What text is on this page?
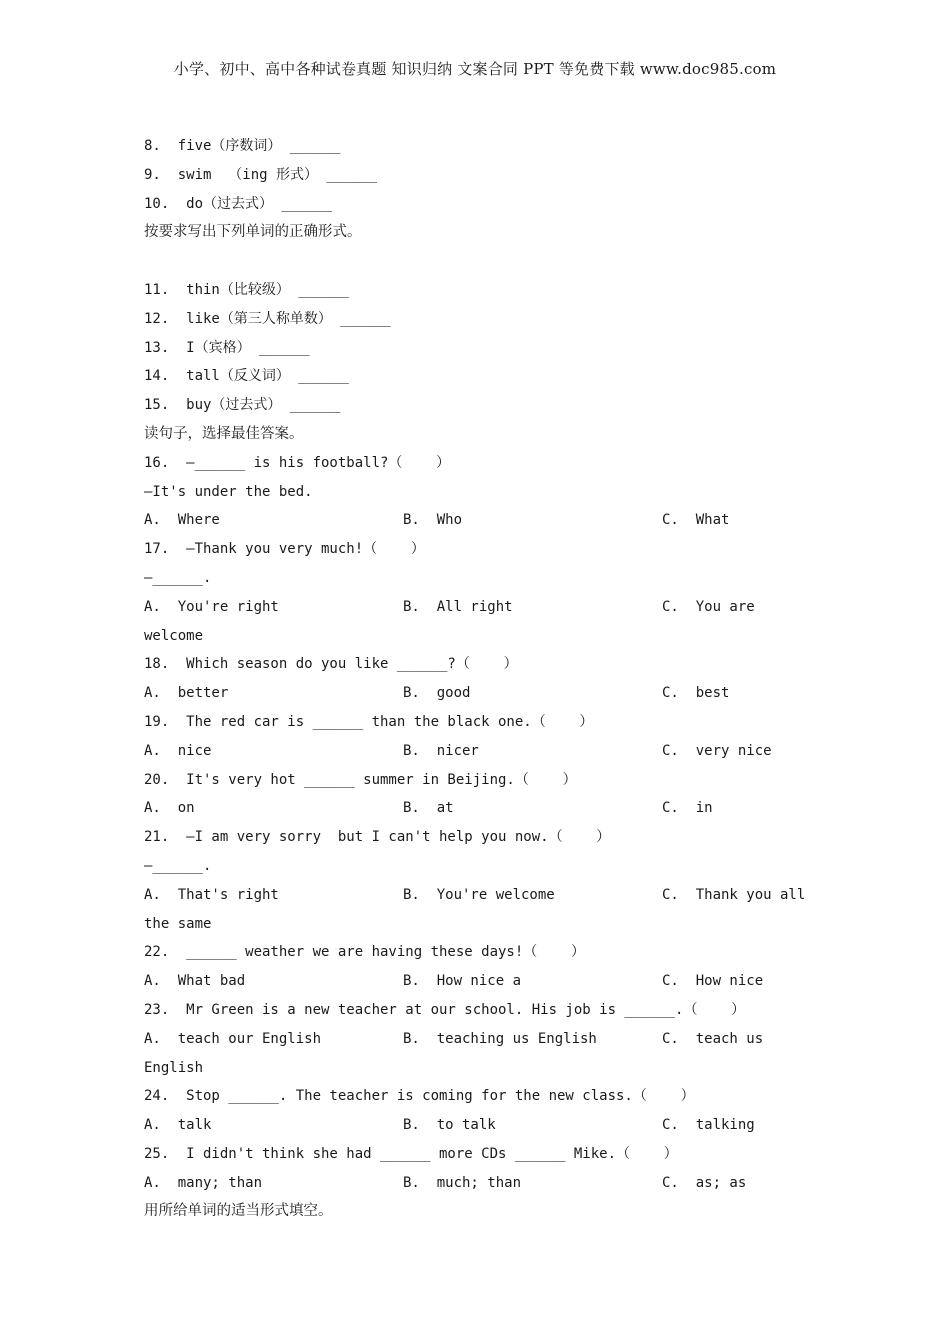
小学、初中、高中各种试卷真题 知识归纳 文案合同 PPT 等免费下载 www.doc985.com
8.  five（序数词） ______
9.  swim  （ing 形式） ______
10.  do（过去式） ______
按要求写出下列单词的正确形式。
11.  thin（比较级） ______
12.  like（第三人称单数） ______
13.  I（宾格） ______
14.  tall（反义词） ______
15.  buy（过去式） ______
读句子，选择最佳答案。
16.  —______ is his football?（    ）
—It's under the bed.

A.  Where

	B.  Who

	C.  What

17.  —Thank you very much!（    ）
—______.

A.  You're right

	B.  All right

	C.  You are

welcome
18.  Which season do you like ______?（    ）

A.  better

	B.  good

	C.  best

19.  The red car is ______ than the black one.（    ）

A.  nice

	B.  nicer

	C.  very nice

20.  It's very hot ______ summer in Beijing.（    ）

A.  on

	B.  at

	C.  in

21.  —I am very sorry  but I can't help you now.（    ）
—______.

A.  That's right

	B.  You're welcome

	C.  Thank you all

the same
22.  ______ weather we are having these days!（    ）

A.  What bad

	B.  How nice a

	C.  How nice

23.  Mr Green is a new teacher at our school. His job is ______.（    ）

A.  teach our English

	B.  teaching us English

	C.  teach us

English
24.  Stop ______. The teacher is coming for the new class.（    ）

A.  talk

	B.  to talk

	C.  talking

25.  I didn't think she had ______ more CDs ______ Mike.（    ）

A.  many; than

	B.  much; than

	C.  as; as

用所给单词的适当形式填空。
